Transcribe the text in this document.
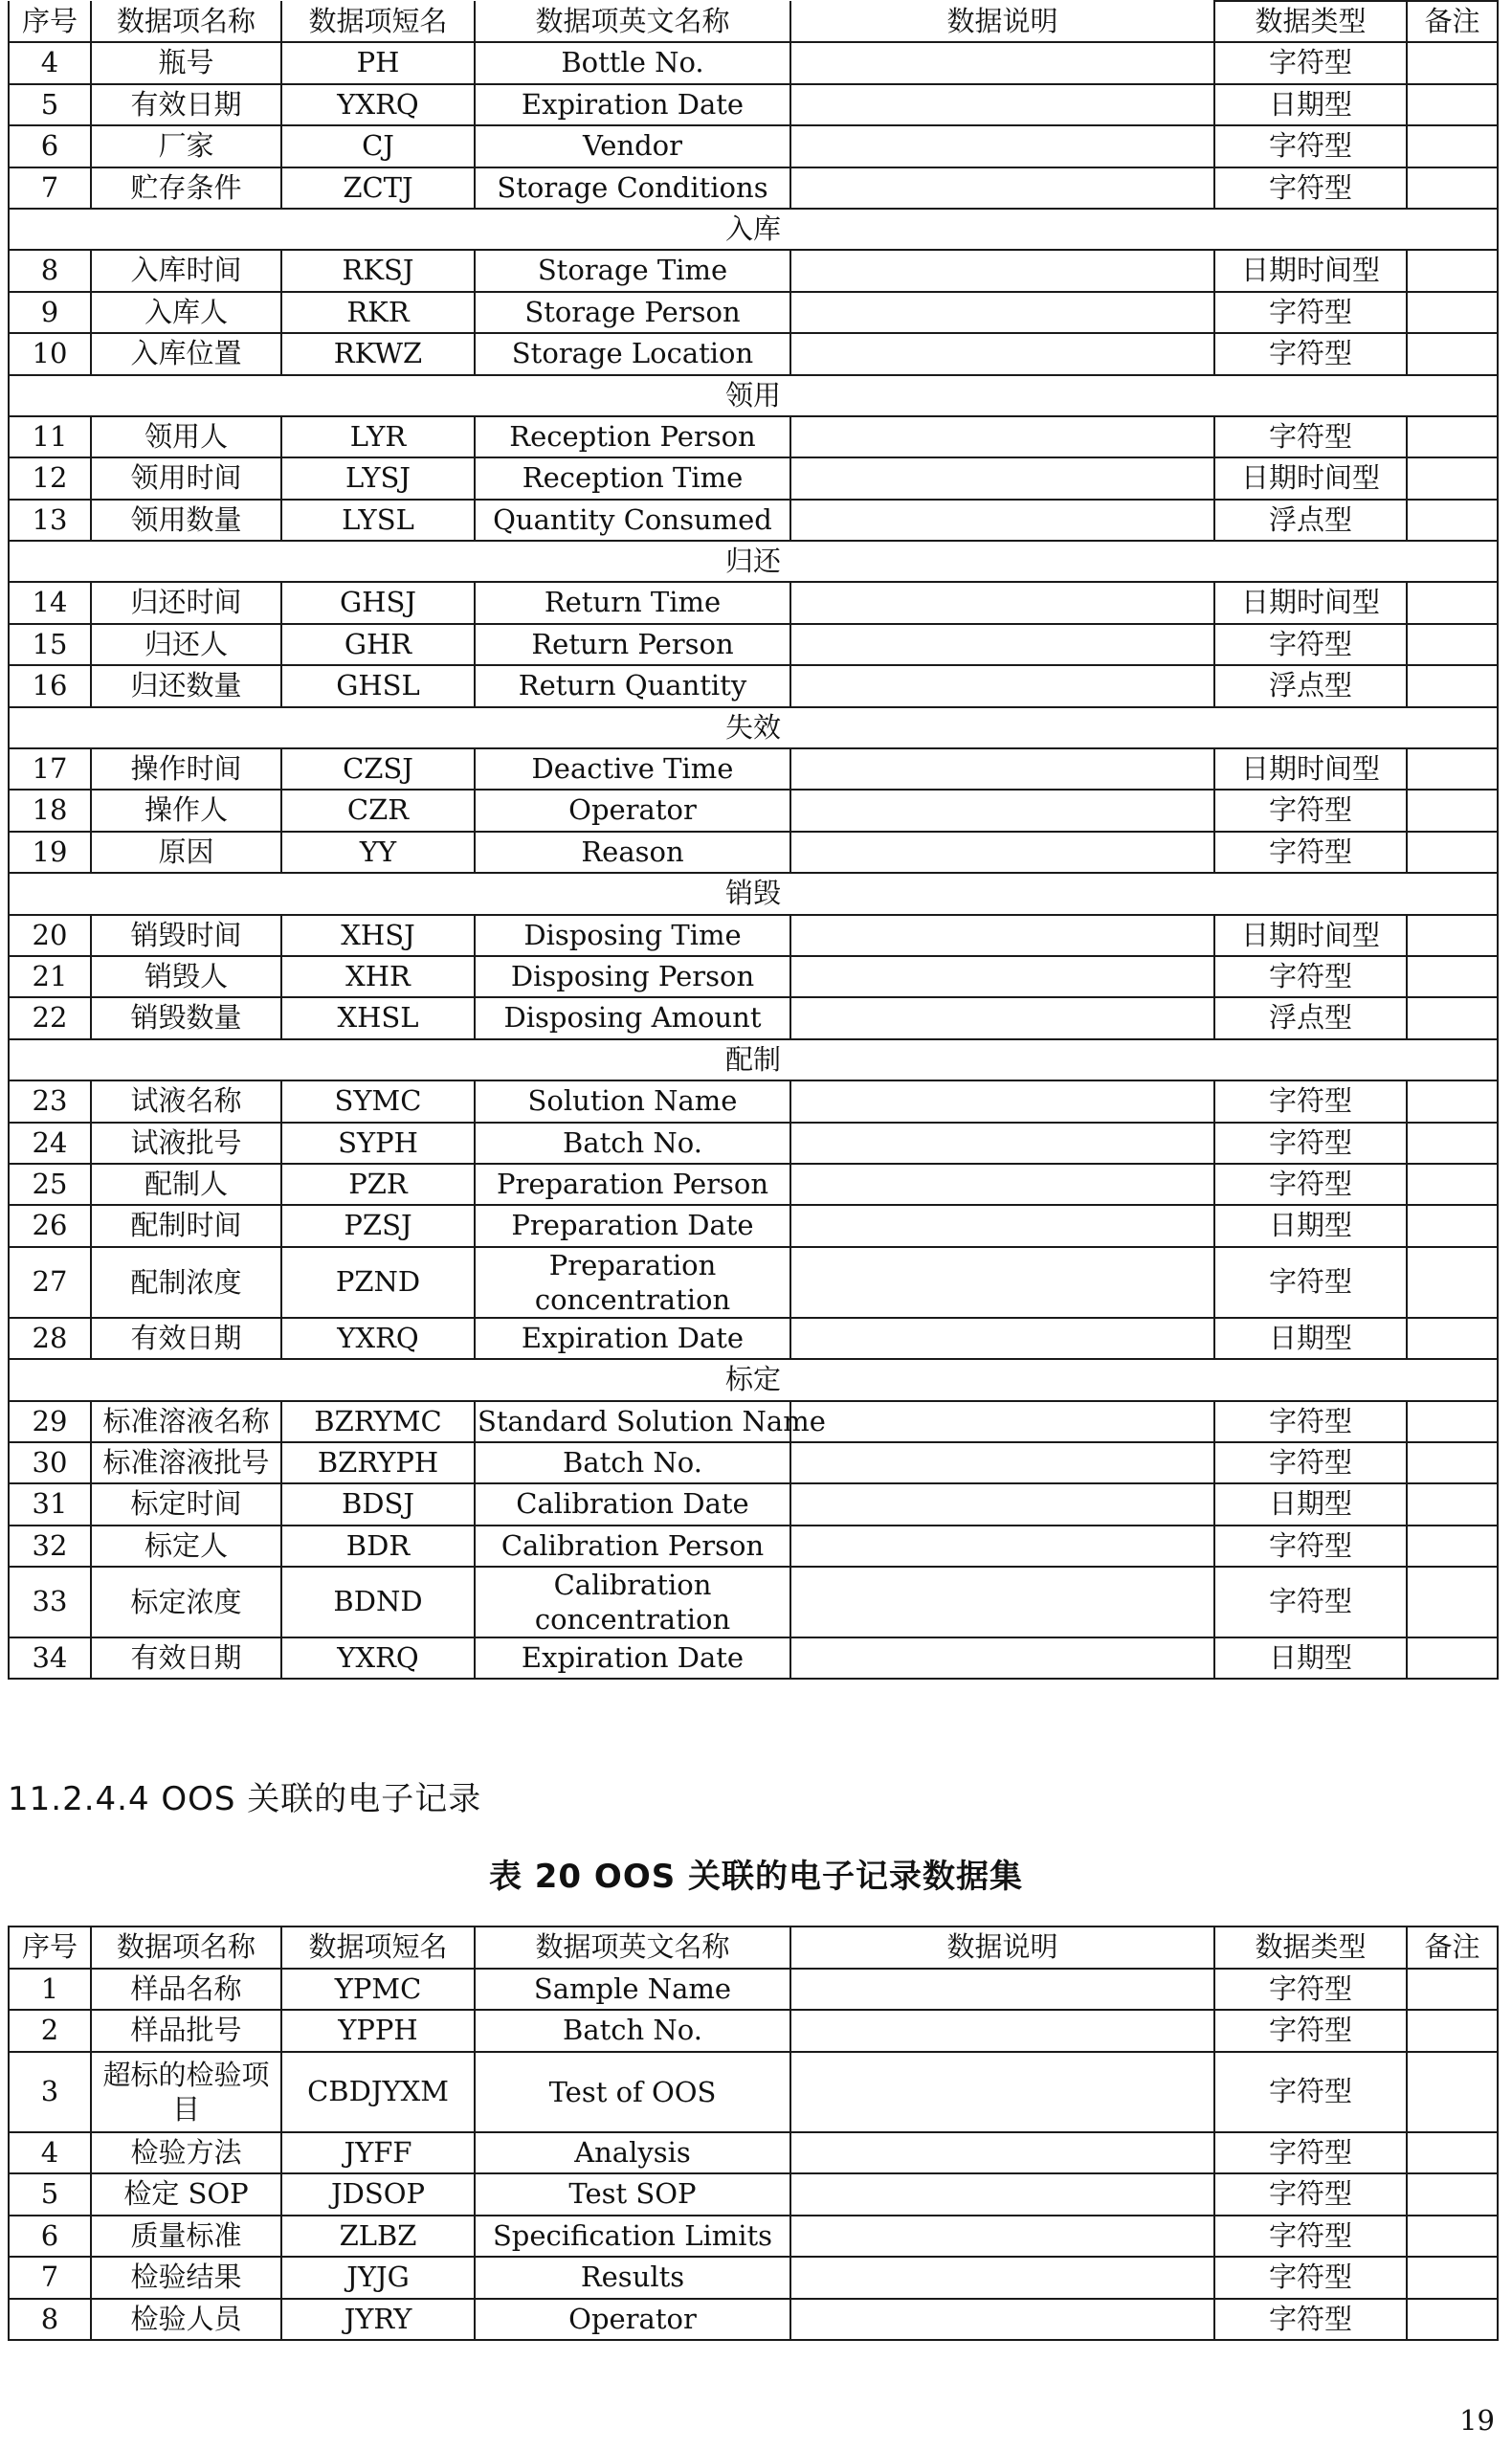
序号	数据项名称	数据项短名	数据项英文名称	数据说明	数据类型	备注
4	瓶号	PH	Bottle No.		字符型	
5	有效日期	YXRQ	Expiration Date		日期型	
6	厂家	CJ	Vendor		字符型	
7	贮存条件	ZCTJ	Storage Conditions		字符型	
入库						
8	入库时间	RKSJ	Storage Time		日期时间型	
9	入库人	RKR	Storage Person		字符型	
10	入库位置	RKWZ	Storage Location		字符型	
领用						
11	领用人	LYR	Reception Person		字符型	
12	领用时间	LYSJ	Reception Time		日期时间型	
13	领用数量	LYSL	Quantity Consumed		浮点型	
归还						
14	归还时间	GHSJ	Return Time		日期时间型	
15	归还人	GHR	Return Person		字符型	
16	归还数量	GHSL	Return Quantity		浮点型	
失效						
17	操作时间	CZSJ	Deactive Time		日期时间型	
18	操作人	CZR	Operator		字符型	
19	原因	YY	Reason		字符型	
销毁						
20	销毁时间	XHSJ	Disposing Time		日期时间型	
21	销毁人	XHR	Disposing Person		字符型	
22	销毁数量	XHSL	Disposing Amount		浮点型	
配制						
23	试液名称	SYMC	Solution Name		字符型	
24	试液批号	SYPH	Batch No.		字符型	
25	配制人	PZR	Preparation Person		字符型	
26	配制时间	PZSJ	Preparation Date		日期型	
27	配制浓度	PZND	Preparation concentration		字符型	
28	有效日期	YXRQ	Expiration Date		日期型	
标定						
29	标准溶液名称	BZRYMC	Standard Solution Name		字符型	
30	标准溶液批号	BZRYPH	Batch No.		字符型	
31	标定时间	BDSJ	Calibration Date		日期型	
32	标定人	BDR	Calibration Person		字符型	
33	标定浓度	BDND	Calibration concentration		字符型	
34	有效日期	YXRQ	Expiration Date		日期型	
11.2.4.4 OOS 关联的电子记录
表 20 OOS 关联的电子记录数据集
序号	数据项名称	数据项短名	数据项英文名称	数据说明	数据类型	备注
1	样品名称	YPMC	Sample Name		字符型	
2	样品批号	YPPH	Batch No.		字符型	
3	超标的检验项目	CBDJYXM	Test of OOS		字符型	
4	检验方法	JYFF	Analysis		字符型	
5	检定 SOP	JDSOP	Test SOP		字符型	
6	质量标准	ZLBZ	Specification Limits		字符型	
7	检验结果	JYJG	Results		字符型	
8	检验人员	JYRY	Operator		字符型	
19
